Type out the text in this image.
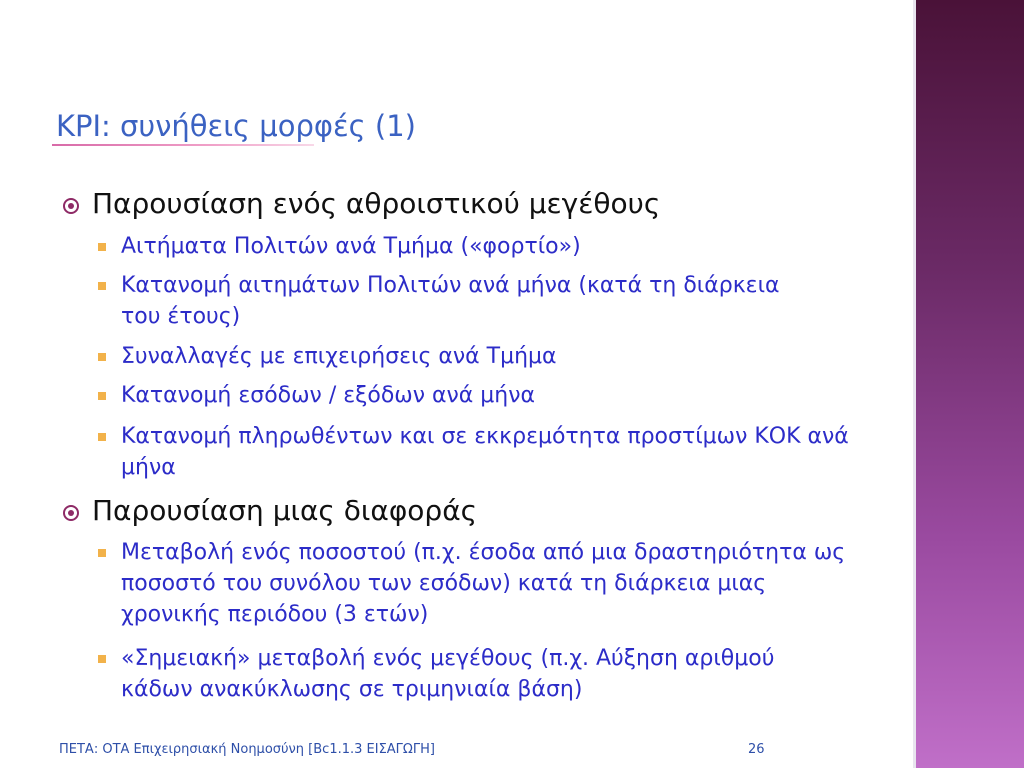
KPI: συνήθεις μορφές (1)
Παρουσίαση ενός αθροιστικού μεγέθους
Αιτήματα Πολιτών ανά Τμήμα («φορτίο»)
Κατανομή αιτημάτων Πολιτών ανά μήνα (κατά τη διάρκεια του έτους)
Συναλλαγές με επιχειρήσεις ανά Τμήμα
Κατανομή εσόδων / εξόδων ανά μήνα
Κατανομή πληρωθέντων και σε εκκρεμότητα προστίμων ΚΟΚ ανά μήνα
Παρουσίαση μιας διαφοράς
Μεταβολή ενός ποσοστού (π.χ. έσοδα από μια δραστηριότητα ως ποσοστό του συνόλου των εσόδων) κατά τη διάρκεια μιας χρονικής περιόδου (3 ετών)
«Σημειακή» μεταβολή ενός μεγέθους (π.χ. Αύξηση αριθμού κάδων ανακύκλωσης σε τριμηνιαία βάση)
ΠΕΤΑ: ΟΤΑ Επιχειρησιακή Νοημοσύνη [Bc1.1.3 ΕΙΣΑΓΩΓΗ]	26
